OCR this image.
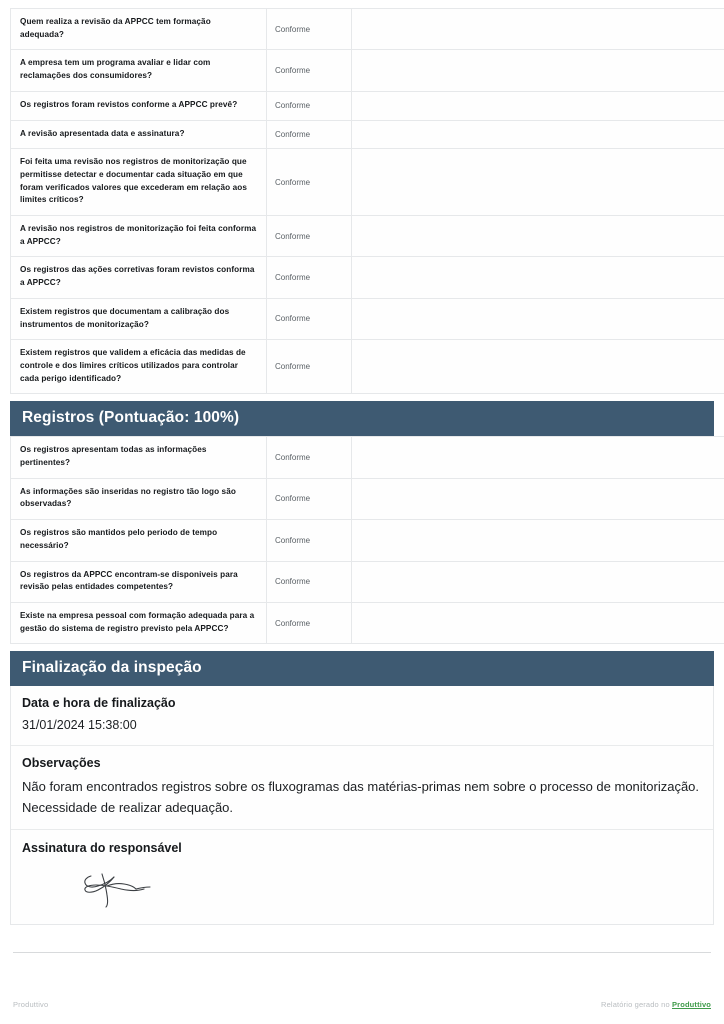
Quem realiza a revisão da APPCC tem formação adequada?	Conforme	
A empresa tem um programa avaliar e lidar com reclamações dos consumidores?	Conforme	
Os registros foram revistos conforme a APPCC prevê?	Conforme	
A revisão apresentada data e assinatura?	Conforme	
Foi feita uma revisão nos registros de monitorização que permitisse detectar e documentar cada situação em que foram verificados valores que excederam em relação aos limites críticos?	Conforme	
A revisão nos registros de monitorização foi feita conforma a APPCC?	Conforme	
Os registros das ações corretivas foram revistos conforma a APPCC?	Conforme	
Existem registros que documentam a calibração dos instrumentos de monitorização?	Conforme	
Existem registros que validem a eficácia das medidas de controle e dos limires críticos utilizados para controlar cada perigo identificado?	Conforme	
Registros (Pontuação: 100%)
Os registros apresentam todas as informações pertinentes?	Conforme	
As informações são inseridas no registro tão logo são observadas?	Conforme	
Os registros são mantidos pelo periodo de tempo necessário?	Conforme	
Os registros da APPCC encontram-se disponiveis para revisão pelas entidades competentes?	Conforme	
Existe na empresa pessoal com formação adequada para a gestão do sistema de registro previsto pela APPCC?	Conforme	
Finalização da inspeção
Data e hora de finalização
31/01/2024 15:38:00
Observações
Não foram encontrados registros sobre os fluxogramas das matérias-primas nem sobre o processo de monitorização. Necessidade de realizar adequação.
Assinatura do responsável
Produttivo	Relatório gerado no Produttivo
